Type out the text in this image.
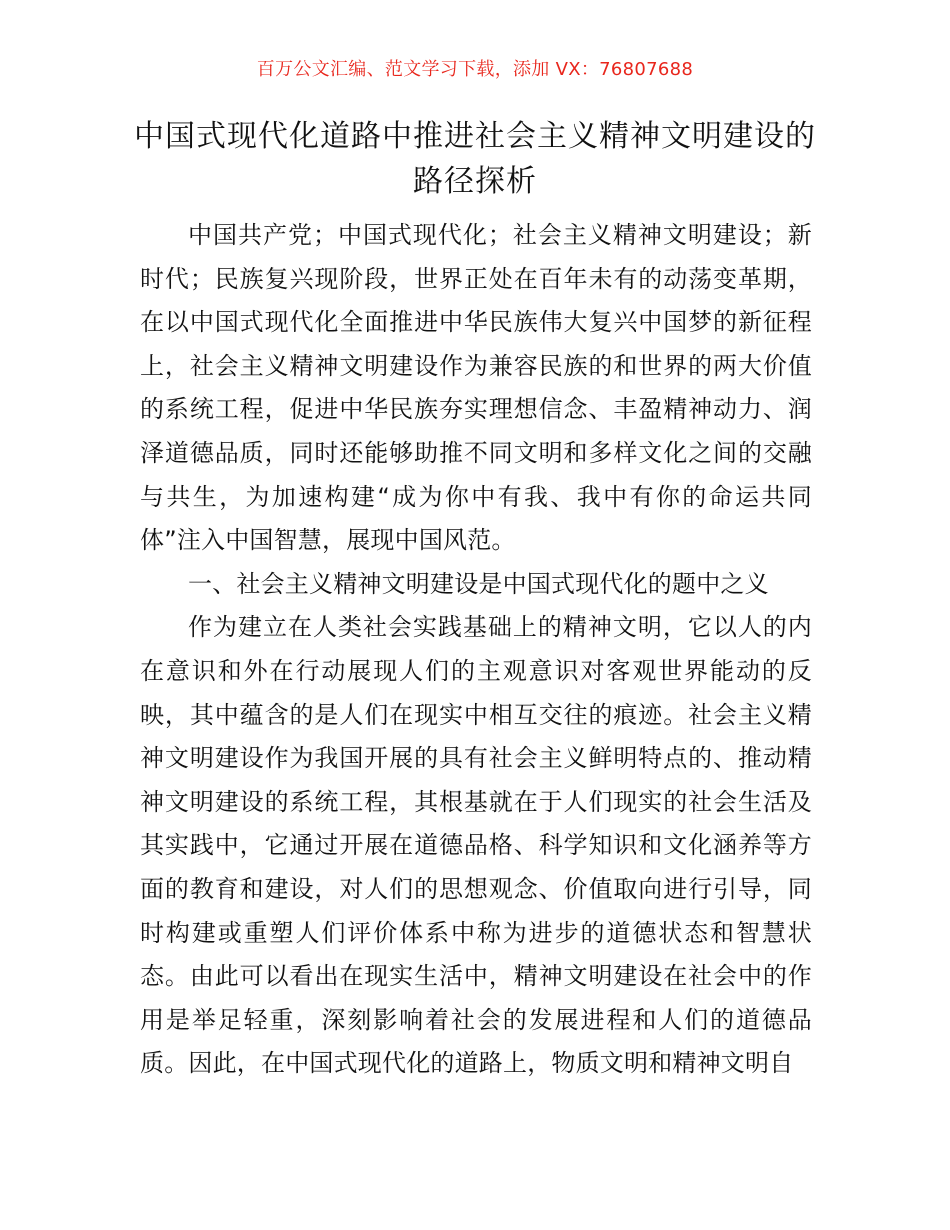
百万公文汇编、范文学习下载，添加 VX：76807688
中国式现代化道路中推进社会主义精神文明建设的路径探析

中国共产党；中国式现代化；社会主义精神文明建设；新时代；民族复兴现阶段，世界正处在百年未有的动荡变革期，在以中国式现代化全面推进中华民族伟大复兴中国梦的新征程上，社会主义精神文明建设作为兼容民族的和世界的两大价值的系统工程，促进中华民族夯实理想信念、丰盈精神动力、润泽道德品质，同时还能够助推不同文明和多样文化之间的交融与共生，为加速构建“成为你中有我、我中有你的命运共同体”注入中国智慧，展现中国风范。

一、社会主义精神文明建设是中国式现代化的题中之义

作为建立在人类社会实践基础上的精神文明，它以人的内在意识和外在行动展现人们的主观意识对客观世界能动的反映，其中蕴含的是人们在现实中相互交往的痕迹。社会主义精神文明建设作为我国开展的具有社会主义鲜明特点的、推动精神文明建设的系统工程，其根基就在于人们现实的社会生活及其实践中，它通过开展在道德品格、科学知识和文化涵养等方面的教育和建设，对人们的思想观念、价值取向进行引导，同时构建或重塑人们评价体系中称为进步的道德状态和智慧状态。由此可以看出在现实生活中，精神文明建设在社会中的作用是举足轻重，深刻影响着社会的发展进程和人们的道德品质。因此，在中国式现代化的道路上，物质文明和精神文明自
